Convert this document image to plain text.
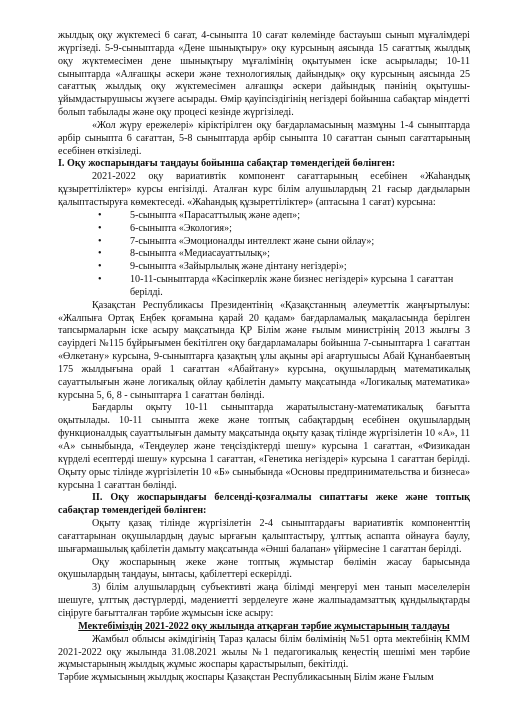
жылдық оқу жүктемесі 6 сағат, 4-сыныпта 10 сағат көлемінде бастауыш сынып мұғалімдері жүргізеді. 5-9-сыныптарда «Дене шынықтыру» оқу курсының аясында 15 сағаттық жылдық оқу жүктемесімен дене шынықтыру мұғалімінің оқытуымен іске асырылады; 10-11 сыныптарда «Алғашқы әскери және технологиялық дайындық» оқу курсының аясында 25 сағаттық жылдық оқу жүктемесімен алғашқы әскери дайындық пәнінің оқытушы-ұйымдастырушысы жүзеге асырады. Өмір қауіпсіздігінің негіздері бойынша сабақтар міндетті болып табылады және оқу процесі кезінде жүргізіледі.

«Жол жүру ережелері» кіріктірілген оқу бағдарламасының мазмұны 1-4 сыныптарда әрбір сыныпта 6 сағаттан, 5-8 сыныптарда әрбір сыныпта 10 сағаттан сынып сағаттарының есебінен өткізіледі.

I. Оқу жоспарындағы таңдауы бойынша сабақтар төмендегідей бөлінген:

2021-2022 оқу вариативтік компонент сағаттарының есебінен «Жаһандық құзыреттіліктер» курсы енгізілді. Аталған курс білім алушылардың 21 ғасыр дағдыларын қалыптастыруға көмектеседі. «Жаһандық құзыреттіліктер» (аптасына 1 сағат) курсына:

•	5-сыныпта «Парасаттылық және әдеп»;
•	6-сыныпта «Экология»;
•	7-сыныпта «Эмоционалды интеллект және сыни ойлау»;
•	8-сыныпта «Медиасауаттылық»;
•	9-сыныпта «Зайырлылық және дінтану негіздері»;
•	10-11-сыныптарда «Кәсіпкерлік және бизнес негіздері» курсына 1 сағаттан берілді.

Қазақстан Республикасы Президентінің «Қазақстанның әлеуметтік жаңғыртылуы: «Жалпыға Ортақ Еңбек қоғамына қарай 20 қадам» бағдарламалық мақаласында берілген тапсырмаларын іске асыру мақсатында ҚР Білім және ғылым министрінің 2013 жылғы 3 сәуірдегі №115 бұйрығымен бекітілген оқу бағдарламалары бойынша 7-сыныптарға 1 сағаттан «Өлкетану» курсына, 9-сыныптарға қазақтың ұлы ақыны әрі ағартушысы Абай Құнанбаевтың 175 жылдығына орай 1 сағаттан «Абайтану» курсына, оқушылардың математикалық сауаттылығын және логикалық ойлау қабілетін дамыту мақсатында «Логикалық математика» курсына 5, 6, 8 - сыныптарға 1 сағаттан бөлінді.

Бағдарлы оқыту 10-11 сыныптарда жаратылыстану-математикалық бағытта оқытылады. 10-11 сыныпта жеке және топтық сабақтардың есебінен оқушылардың функционалдық сауаттылығын дамыту мақсатында оқыту қазақ тілінде жүргізілетін 10 «А», 11 «А» сыныбында, «Теңдеулер және теңсіздіктерді шешу» курсына 1 сағаттан, «Физикадан күрделі есептерді шешу» курсына 1 сағаттан, «Генетика негіздері» курсына 1 сағаттан берілді. Оқыту орыс тілінде жүргізілетін 10 «Б» сыныбында «Основы предпринимательства и бизнеса» курсына 1 сағаттан бөлінді.

II. Оқу жоспарындағы белсенді-қозғалмалы сипаттағы жеке және топтық сабақтар төмендегідей бөлінген:

Оқыту қазақ тілінде жүргізілетін 2-4 сыныптардағы вариативтік компоненттің сағаттарынан оқушылардың дауыс ырғағын қалыптастыру, ұлттық аспапта ойнауға баулу, шығармашылық қабілетін дамыту мақсатында «Әнші балапан» үйірмесіне 1 сағаттан берілді.

Оқу жоспарының жеке және топтық жұмыстар бөлімін жасау барысында оқушылардың таңдауы, ынтасы, қабілеттері ескерілді.

3) білім алушылардың субъективті жаңа білімді меңгеруі мен танып мәселелерін шешуге, ұлттық дәстүрлерді, мәдениетті зерделеуге және жалпыадамзаттық құндылықтарды сіңіруге бағытталған тәрбие жұмысын іске асыру:

Мектебіміздің 2021-2022 оқу жылында атқарған тәрбие жұмыстарының талдауы

Жамбыл облысы әкімдігінің Тараз қаласы білім бөлімінің №51 орта мектебінің КММ 2021-2022 оқу жылында 31.08.2021 жылы №1 педагогикалық кеңестің шешімі мен тәрбие жұмыстарының жылдық жұмыс жоспары қарастырылып, бекітілді.

Тәрбие жұмысының жылдық жоспары Қазақстан Республикасының Білім және Ғылым
